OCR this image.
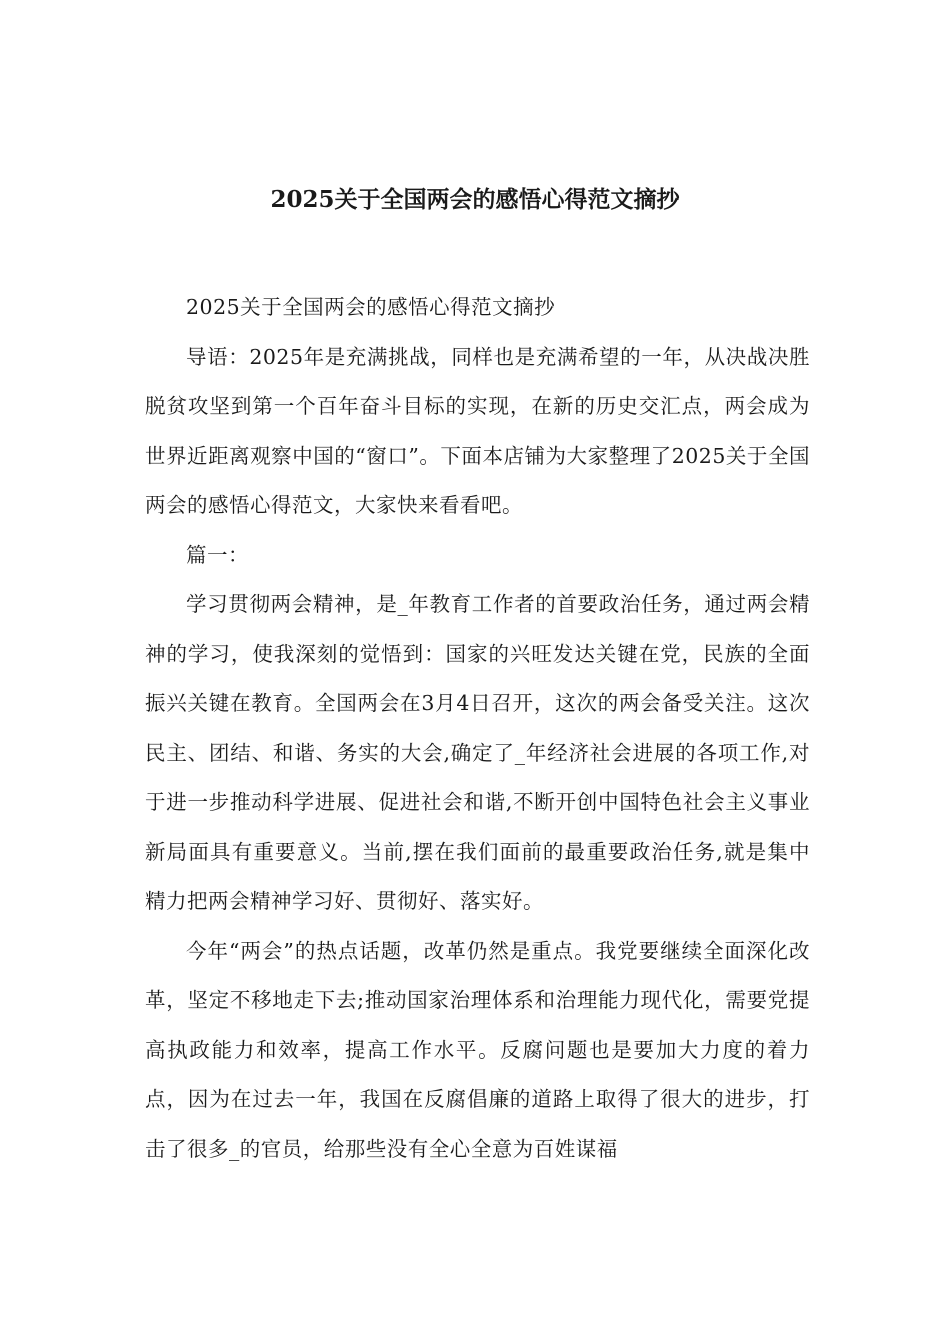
2025关于全国两会的感悟心得范文摘抄

2025关于全国两会的感悟心得范文摘抄

导语：2025年是充满挑战，同样也是充满希望的一年，从决战决胜脱贫攻坚到第一个百年奋斗目标的实现，在新的历史交汇点，两会成为世界近距离观察中国的“窗口”。下面本店铺为大家整理了2025关于全国两会的感悟心得范文，大家快来看看吧。

篇一：

学习贯彻两会精神，是_年教育工作者的首要政治任务，通过两会精神的学习，使我深刻的觉悟到：国家的兴旺发达关键在党，民族的全面振兴关键在教育。全国两会在3月4日召开，这次的两会备受关注。这次民主、团结、和谐、务实的大会,确定了_年经济社会进展的各项工作,对于进一步推动科学进展、促进社会和谐,不断开创中国特色社会主义事业新局面具有重要意义。当前,摆在我们面前的最重要政治任务,就是集中精力把两会精神学习好、贯彻好、落实好。

今年“两会”的热点话题，改革仍然是重点。我党要继续全面深化改革，坚定不移地走下去;推动国家治理体系和治理能力现代化，需要党提高执政能力和效率，提高工作水平。反腐问题也是要加大力度的着力点，因为在过去一年，我国在反腐倡廉的道路上取得了很大的进步，打击了很多_的官员，给那些没有全心全意为百姓谋福
